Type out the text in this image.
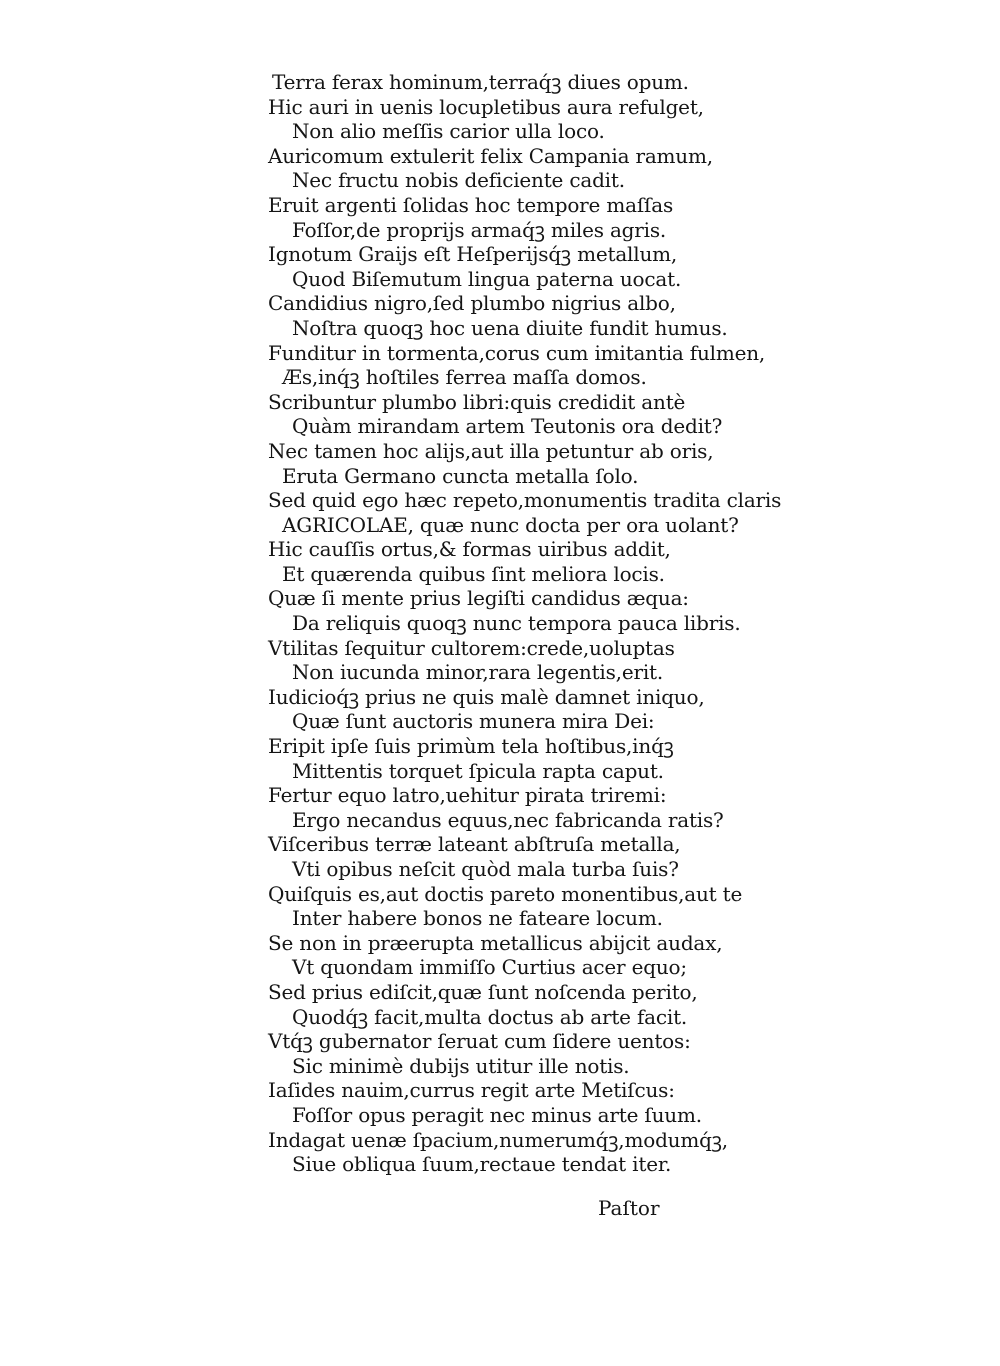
Terra ferax hominum,terraq́ꝫ diues opum.
Hic auri in uenis locupletibus aura refulget,
Non alio meſſis carior ulla loco.
Auricomum extulerit felix Campania ramum,
Nec fructu nobis deficiente cadit.
Eruit argenti ſolidas hoc tempore maſſas
Foſſor,de proprijs armaq́ꝫ miles agris.
Ignotum Graijs eſt Heſperijsq́ꝫ metallum,
Quod Biſemutum lingua paterna uocat.
Candidius nigro,ſed plumbo nigrius albo,
Noſtra quoqꝫ hoc uena diuite fundit humus.
Funditur in tormenta,corus cum imitantia fulmen,
Æs,inq́ꝫ hoſtiles ferrea maſſa domos.
Scribuntur plumbo libri:quis credidit antè
Quàm mirandam artem Teutonis ora dedit?
Nec tamen hoc alijs,aut illa petuntur ab oris,
Eruta Germano cuncta metalla ſolo.
Sed quid ego hæc repeto,monumentis tradita claris
AGRICOLAE, quæ nunc docta per ora uolant?
Hic cauſſis ortus,& formas uiribus addit,
Et quærenda quibus ſint meliora locis.
Quæ ſi mente prius legiſti candidus æqua:
Da reliquis quoqꝫ nunc tempora pauca libris.
Vtilitas ſequitur cultorem:crede,uoluptas
Non iucunda minor,rara legentis,erit.
Iudicioq́ꝫ prius ne quis malè damnet iniquo,
Quæ ſunt auctoris munera mira Dei:
Eripit ipſe ſuis primùm tela hoſtibus,inq́ꝫ
Mittentis torquet ſpicula rapta caput.
Fertur equo latro,uehitur pirata triremi:
Ergo necandus equus,nec fabricanda ratis?
Viſceribus terræ lateant abſtruſa metalla,
Vti opibus neſcit quòd mala turba ſuis?
Quiſquis es,aut doctis pareto monentibus,aut te
Inter habere bonos ne fateare locum.
Se non in præerupta metallicus abijcit audax,
Vt quondam immiſſo Curtius acer equo;
Sed prius ediſcit,quæ ſunt noſcenda perito,
Quodq́ꝫ facit,multa doctus ab arte facit.
Vtq́ꝫ gubernator ſeruat cum ſidere uentos:
Sic minimè dubijs utitur ille notis.
Iaſides nauim,currus regit arte Metiſcus:
Foſſor opus peragit nec minus arte ſuum.
Indagat uenæ ſpacium,numerumq́ꝫ,modumq́ꝫ,
Siue obliqua ſuum,rectaue tendat iter.
Paſtor
